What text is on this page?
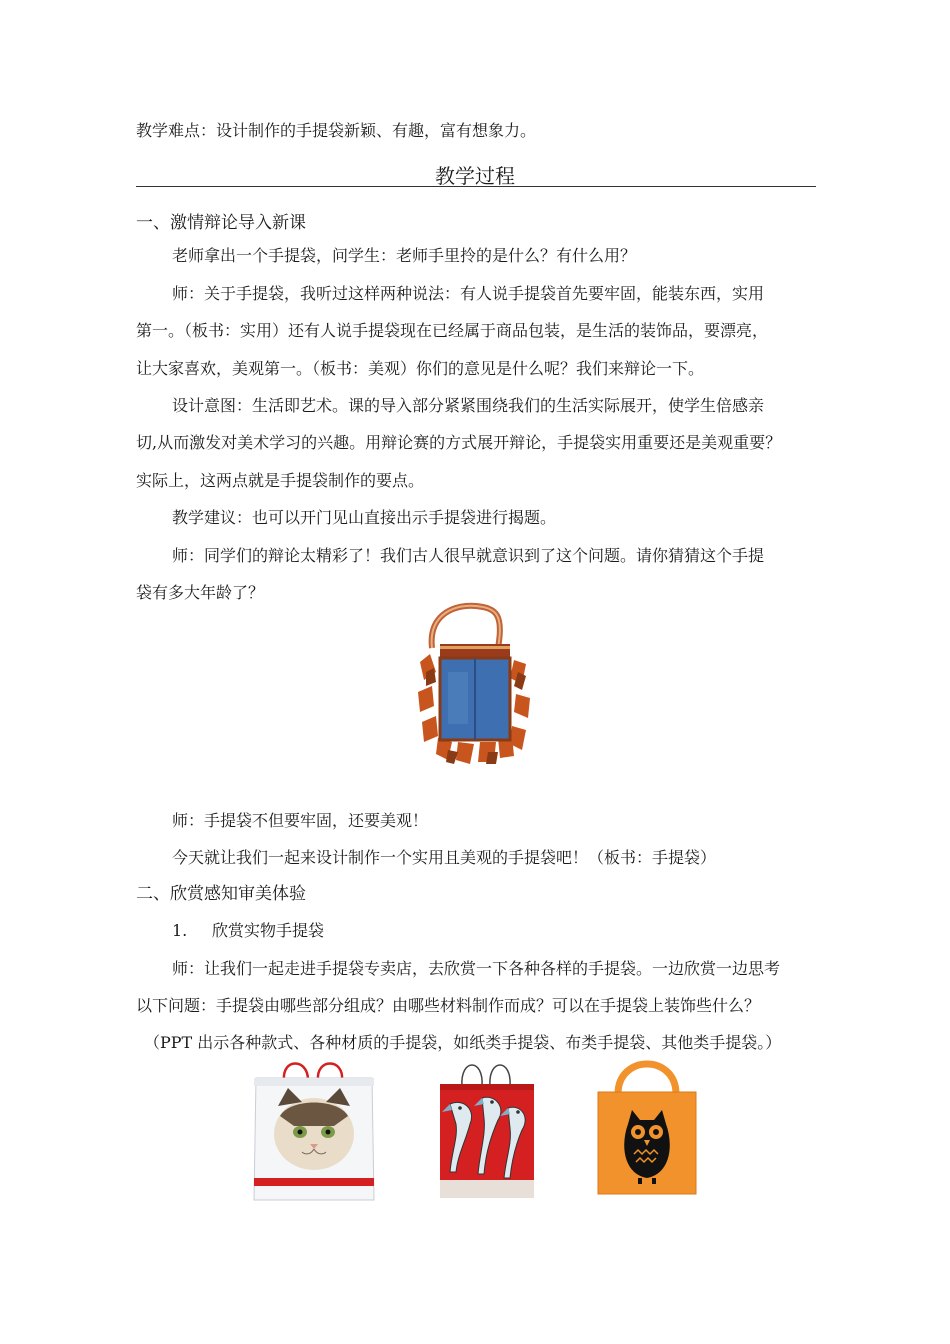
教学难点：设计制作的手提袋新颖、有趣，富有想象力。
教学过程
一、激情辩论导入新课
老师拿出一个手提袋，问学生：老师手里拎的是什么？有什么用？
师：关于手提袋，我听过这样两种说法：有人说手提袋首先要牢固，能装东西，实用
第一。（板书：实用）还有人说手提袋现在已经属于商品包装，是生活的装饰品，要漂亮，
让大家喜欢，美观第一。（板书：美观）你们的意见是什么呢？我们来辩论一下。
设计意图：生活即艺术。课的导入部分紧紧围绕我们的生活实际展开，使学生倍感亲
切,从而激发对美术学习的兴趣。用辩论赛的方式展开辩论，手提袋实用重要还是美观重要？
实际上，这两点就是手提袋制作的要点。
教学建议：也可以开门见山直接出示手提袋进行揭题。
师：同学们的辩论太精彩了！我们古人很早就意识到了这个问题。请你猜猜这个手提
袋有多大年龄了？
师：手提袋不但要牢固，还要美观！
今天就让我们一起来设计制作一个实用且美观的手提袋吧！（板书：手提袋）
二、欣赏感知审美体验
1. 欣赏实物手提袋
师：让我们一起走进手提袋专卖店，去欣赏一下各种各样的手提袋。一边欣赏一边思考
以下问题：手提袋由哪些部分组成？由哪些材料制作而成？可以在手提袋上装饰些什么？
（PPT 出示各种款式、各种材质的手提袋，如纸类手提袋、布类手提袋、其他类手提袋。）
